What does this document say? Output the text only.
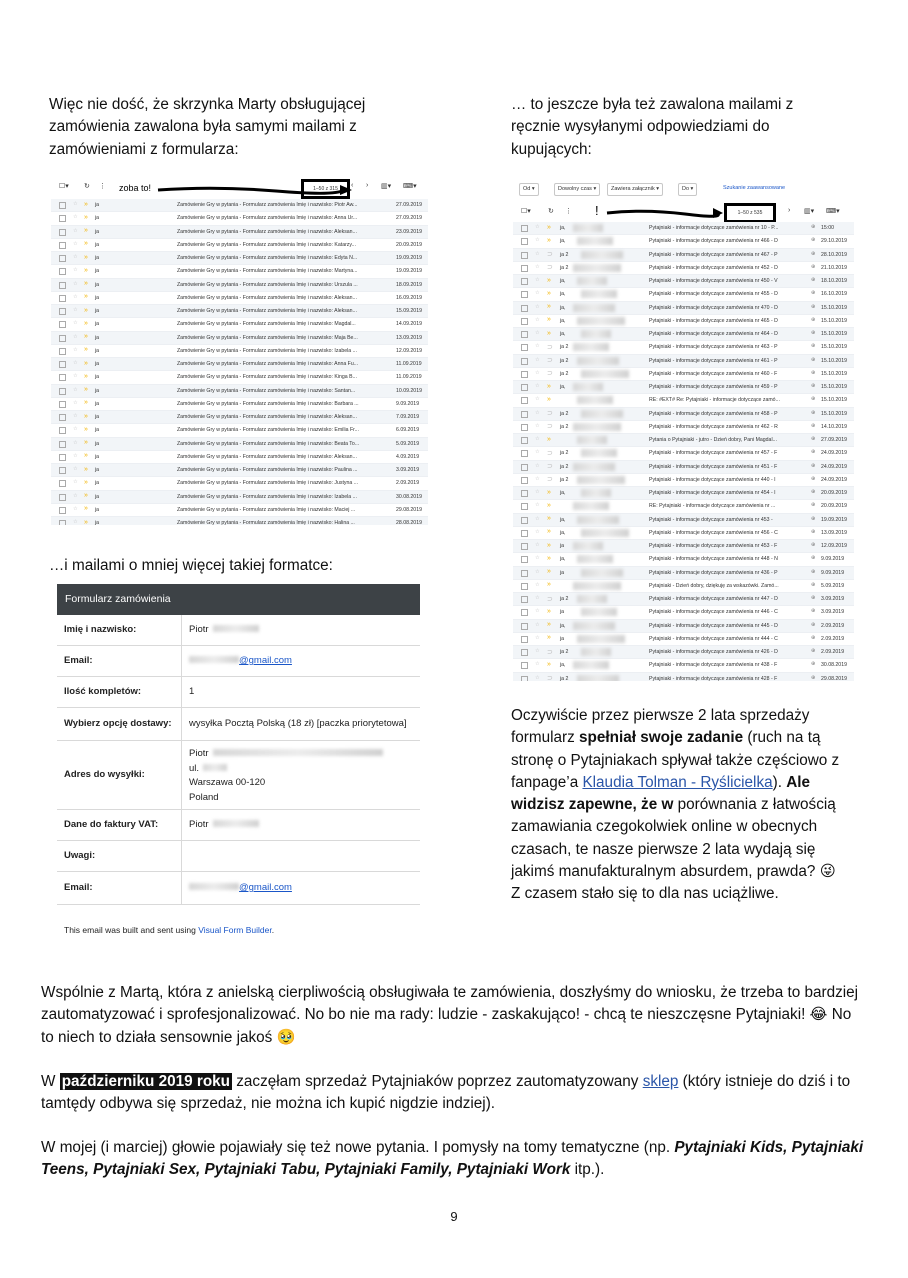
Więc nie dość, że skrzynka Marty obsługującej zamówienia zawalona była samymi mailami z zamówieniami z formularza:
… to jeszcze była też zawalona mailami z ręcznie wysyłanymi odpowiedziami do kupujących:
☐▾ ↻ ⋮ zoba to!	1–50 z 315	‹ › ▥▾ ⌨▾
☆ » ja	Zamówienie Gry w pytania - Formularz zamówienia Imię i nazwisko: Piotr Aw...	27.09.2019
☆ » ja	Zamówienie Gry w pytania - Formularz zamówienia Imię i nazwisko: Anna Ur...	27.09.2019
☆ » ja	Zamówienie Gry w pytania - Formularz zamówienia Imię i nazwisko: Aleksan...	23.09.2019
☆ » ja	Zamówienie Gry w pytania - Formularz zamówienia Imię i nazwisko: Katarzy...	20.09.2019
☆ » ja	Zamówienie Gry w pytania - Formularz zamówienia Imię i nazwisko: Edyta N...	19.09.2019
☆ » ja	Zamówienie Gry w pytania - Formularz zamówienia Imię i nazwisko: Martyna...	19.09.2019
☆ » ja	Zamówienie Gry w pytania - Formularz zamówienia Imię i nazwisko: Urszula ...	18.09.2019
☆ » ja	Zamówienie Gry w pytania - Formularz zamówienia Imię i nazwisko: Aleksan...	16.09.2019
☆ » ja	Zamówienie Gry w pytania - Formularz zamówienia Imię i nazwisko: Aleksan...	15.09.2019
☆ » ja	Zamówienie Gry w pytania - Formularz zamówienia Imię i nazwisko: Magdal...	14.09.2019
☆ » ja	Zamówienie Gry w pytania - Formularz zamówienia Imię i nazwisko: Maja Be...	13.09.2019
☆ » ja	Zamówienie Gry w pytania - Formularz zamówienia Imię i nazwisko: Izabela ...	12.09.2019
☆ » ja	Zamówienie Gry w pytania - Formularz zamówienia Imię i nazwisko: Anna Fu...	11.09.2019
☆ » ja	Zamówienie Gry w pytania - Formularz zamówienia Imię i nazwisko: Kinga B...	11.09.2019
☆ » ja	Zamówienie Gry w pytania - Formularz zamówienia Imię i nazwisko: Santan...	10.09.2019
☆ » ja	Zamówienie Gry w pytania - Formularz zamówienia Imię i nazwisko: Barbara ...	9.09.2019
☆ » ja	Zamówienie Gry w pytania - Formularz zamówienia Imię i nazwisko: Aleksan...	7.09.2019
☆ » ja	Zamówienie Gry w pytania - Formularz zamówienia Imię i nazwisko: Emilia Fr...	6.09.2019
☆ » ja	Zamówienie Gry w pytania - Formularz zamówienia Imię i nazwisko: Beata To...	5.09.2019
☆ » ja	Zamówienie Gry w pytania - Formularz zamówienia Imię i nazwisko: Aleksan...	4.09.2019
☆ » ja	Zamówienie Gry w pytania - Formularz zamówienia Imię i nazwisko: Paulina ...	3.09.2019
☆ » ja	Zamówienie Gry w pytania - Formularz zamówienia Imię i nazwisko: Justyna ...	2.09.2019
☆ » ja	Zamówienie Gry w pytania - Formularz zamówienia Imię i nazwisko: Izabela ...	30.08.2019
☆ » ja	Zamówienie Gry w pytania - Formularz zamówienia Imię i nazwisko: Maciej ...	29.08.2019
☆ » ja	Zamówienie Gry w pytania - Formularz zamówienia Imię i nazwisko: Halina ...	28.08.2019
Od ▾	Dowolny czas ▾	Zawiera załącznik ▾	Do ▾	Szukanie zaawansowane
☐▾ ↻ ⋮ !	1–50 z 535	› ▥▾ ⌨▾
☆ » ja,	Pytajniaki - informacje dotyczące zamówienia nr 10 - P...	⊕ 15:00
☆ » ja,	Pytajniaki - informacje dotyczące zamówienia nr 466 - D	⊕ 29.10.2019
☆ ⊃ ja 2	Pytajniaki - informacje dotyczące zamówienia nr 467 - P	⊕ 28.10.2019
☆ ⊃ ja 2	Pytajniaki - informacje dotyczące zamówienia nr 452 - D	⊕ 21.10.2019
☆ » ja,	Pytajniaki - informacje dotyczące zamówienia nr 450 - V	⊕ 18.10.2019
☆ » ja,	Pytajniaki - informacje dotyczące zamówienia nr 455 - D	⊕ 16.10.2019
☆ » ja,	Pytajniaki - informacje dotyczące zamówienia nr 470 - D	⊕ 15.10.2019
☆ » ja,	Pytajniaki - informacje dotyczące zamówienia nr 465 - D	⊕ 15.10.2019
☆ » ja,	Pytajniaki - informacje dotyczące zamówienia nr 464 - D	⊕ 15.10.2019
☆ ⊃ ja 2	Pytajniaki - informacje dotyczące zamówienia nr 463 - P	⊕ 15.10.2019
☆ ⊃ ja 2	Pytajniaki - informacje dotyczące zamówienia nr 461 - P	⊕ 15.10.2019
☆ ⊃ ja 2	Pytajniaki - informacje dotyczące zamówienia nr 460 - F	⊕ 15.10.2019
☆ » ja,	Pytajniaki - informacje dotyczące zamówienia nr 459 - P	⊕ 15.10.2019
☆ »	RE: #EXT# Re: Pytajniaki - informacje dotyczące zamó...	⊕ 15.10.2019
☆ ⊃ ja 2	Pytajniaki - informacje dotyczące zamówienia nr 458 - P	⊕ 15.10.2019
☆ ⊃ ja 2	Pytajniaki - informacje dotyczące zamówienia nr 462 - R	⊕ 14.10.2019
☆ »	Pytania o Pytajniaki - jutro - Dzień dobry, Pani Magdal...	⊕ 27.09.2019
☆ ⊃ ja 2	Pytajniaki - informacje dotyczące zamówienia nr 457 - F	⊕ 24.09.2019
☆ ⊃ ja 2	Pytajniaki - informacje dotyczące zamówienia nr 451 - F	⊕ 24.09.2019
☆ ⊃ ja 2	Pytajniaki - informacje dotyczące zamówienia nr 440 - I	⊕ 24.09.2019
☆ » ja,	Pytajniaki - informacje dotyczące zamówienia nr 454 - I	⊕ 20.09.2019
☆ »	RE: Pytajniaki - informacje dotyczące zamówienia nr ...	⊕ 20.09.2019
☆ » ja,	Pytajniaki - informacje dotyczące zamówienia nr 453 -	⊕ 19.09.2019
☆ » ja,	Pytajniaki - informacje dotyczące zamówienia nr 456 - C	⊕ 13.09.2019
☆ » ja	Pytajniaki - informacje dotyczące zamówienia nr 453 - F	⊕ 12.09.2019
☆ » ja,	Pytajniaki - informacje dotyczące zamówienia nr 448 - N	⊕ 9.09.2019
☆ » ja	Pytajniaki - informacje dotyczące zamówienia nr 436 - P	⊕ 9.09.2019
☆ »	Pytajniaki - Dzień dobry, dziękuję za wskazówki. Zamó...	⊕ 5.09.2019
☆ ⊃ ja 2	Pytajniaki - informacje dotyczące zamówienia nr 447 - D	⊕ 3.09.2019
☆ » ja	Pytajniaki - informacje dotyczące zamówienia nr 446 - C	⊕ 3.09.2019
☆ » ja,	Pytajniaki - informacje dotyczące zamówienia nr 445 - D	⊕ 2.09.2019
☆ » ja	Pytajniaki - informacje dotyczące zamówienia nr 444 - C	⊕ 2.09.2019
☆ ⊃ ja 2	Pytajniaki - informacje dotyczące zamówienia nr 426 - D	⊕ 2.09.2019
☆ » ja,	Pytajniaki - informacje dotyczące zamówienia nr 438 - F	⊕ 30.08.2019
☆ ⊃ ja 2	Pytajniaki - informacje dotyczące zamówienia nr 428 - F	⊕ 29.08.2019
…i mailami o mniej więcej takiej formatce:
Formularz zamówienia
Imię i nazwisko:	Piotr
Email:	@gmail.com
Ilość kompletów:	1
Wybierz opcję dostawy: wysyłka Pocztą Polską (18 zł) [paczka priorytetowa]
Adres do wysyłki:
Piotr
ul.
Warszawa 00-120
Poland
Dane do faktury VAT:	Piotr
Uwagi:
Email:	@gmail.com
This email was built and sent using Visual Form Builder.
Oczywiście przez pierwsze 2 lata sprzedaży formularz spełniał swoje zadanie (ruch na tą stronę o Pytajniakach spływał także częściowo z fanpage’a Klaudia Tolman - Ryślicielka). Ale widzisz zapewne, że w porównania z łatwością zamawiania czegokolwiek online w obecnych czasach, te nasze pierwsze 2 lata wydają się jakimś manufakturalnym absurdem, prawda? 😜
Z czasem stało się to dla nas uciążliwe.
Wspólnie z Martą, która z anielską cierpliwością obsługiwała te zamówienia, doszłyśmy do wniosku, że trzeba to bardziej zautomatyzować i sprofesjonalizować. No bo nie ma rady: ludzie - zaskakująco! - chcą te nieszczęsne Pytajniaki! 😂 No to niech to działa sensownie jakoś 🥹
W październiku 2019 roku zaczęłam sprzedaż Pytajniaków poprzez zautomatyzowany sklep (który istnieje do dziś i to tamtędy odbywa się sprzedaż, nie można ich kupić nigdzie indziej).
W mojej (i marciej) głowie pojawiały się też nowe pytania. I pomysły na tomy tematyczne (np. Pytajniaki Kids, Pytajniaki Teens, Pytajniaki Sex, Pytajniaki Tabu, Pytajniaki Family, Pytajniaki Work itp.).
9
